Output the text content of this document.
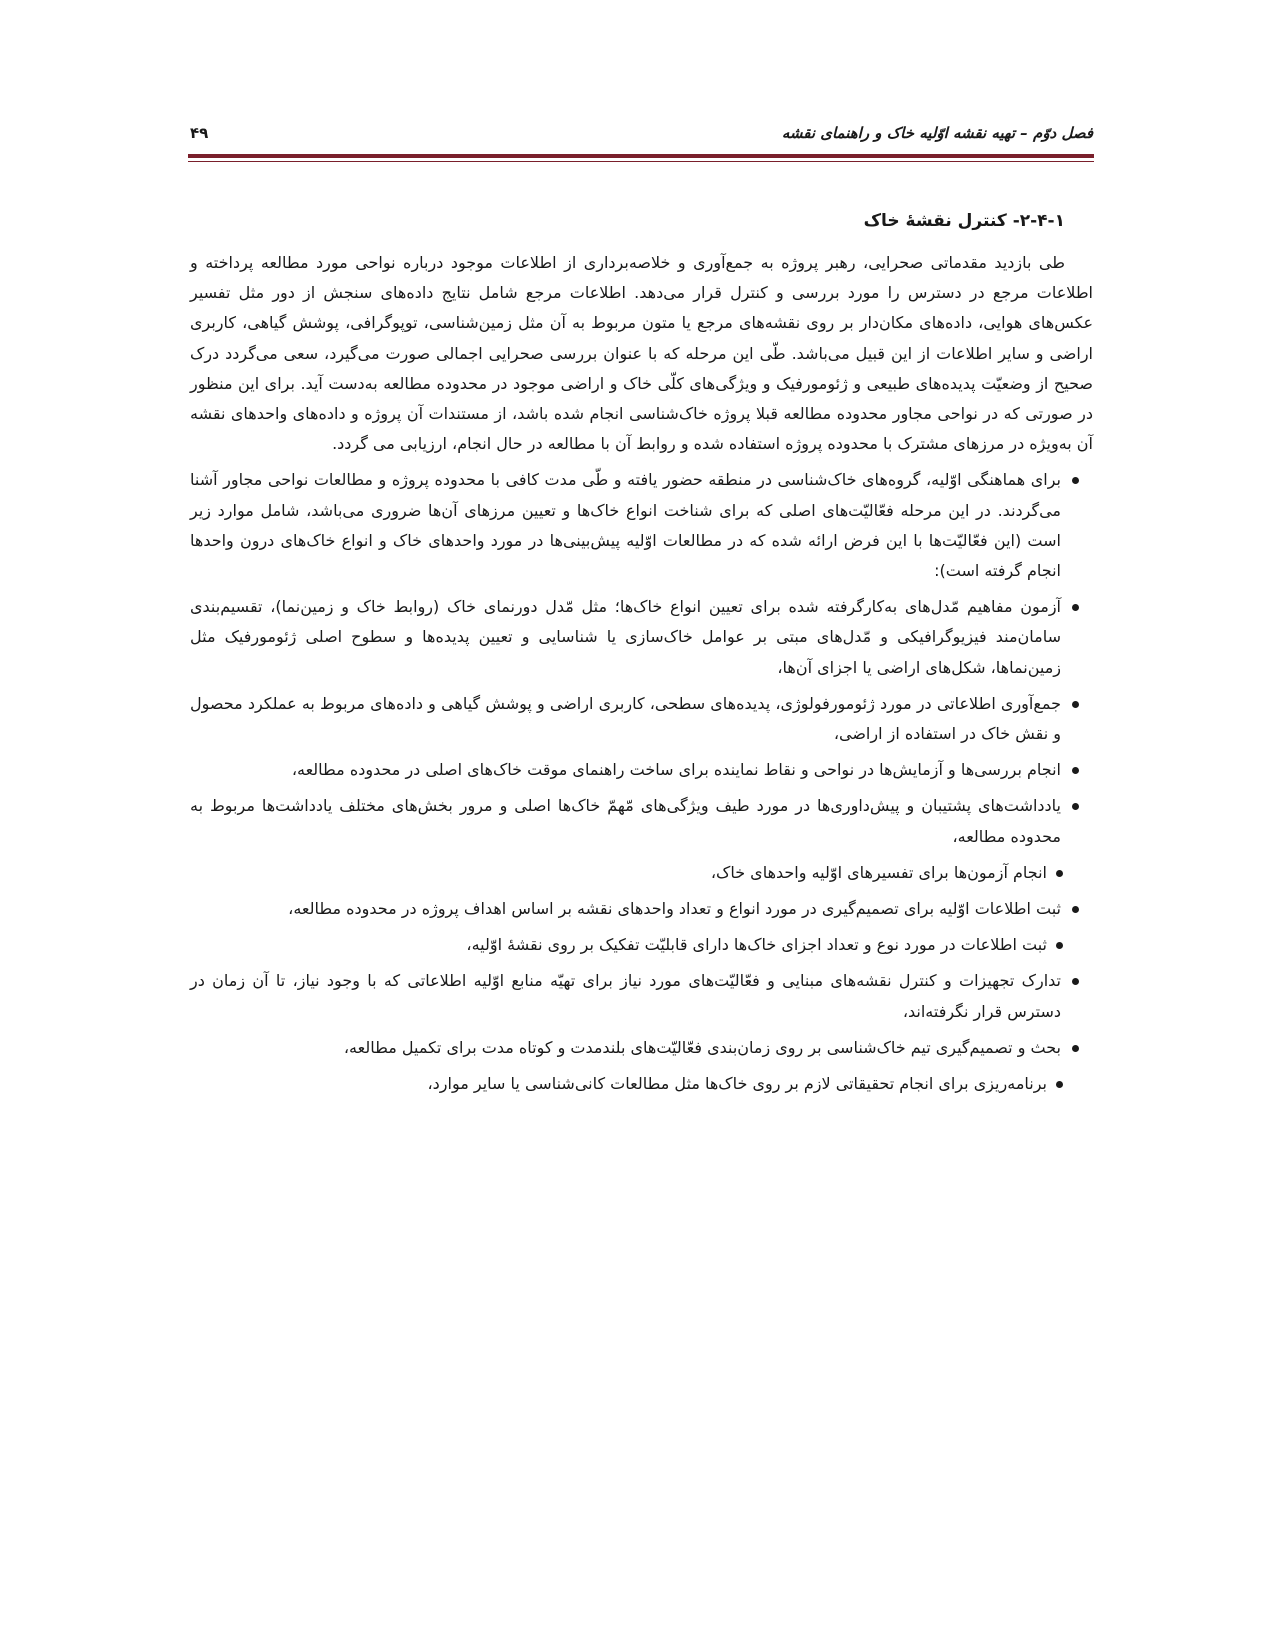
فصل دوّم – تهیه نقشه اوّلیه خاک و راهنمای نقشه
۴۹
۲-۴-۱- کنترل نقشۀ خاک

طی بازدید مقدماتی صحرایی، رهبر پروژه به جمع‌آوری و خلاصه‌برداری از اطلاعات موجود درباره نواحی مورد مطالعه پرداخته و اطلاعات مرجع در دسترس را مورد بررسی و کنترل قرار می‌دهد. اطلاعات مرجع شامل نتایج داده‌های سنجش از دور مثل تفسیر عکس‌های هوایی، داده‌های مکان‌دار بر روی نقشه‌های مرجع یا متون مربوط به آن مثل زمین‌شناسی، توپوگرافی، پوشش گیاهی، کاربری اراضی و سایر اطلاعات از این قبیل می‌باشد. طّی این مرحله که با عنوان بررسی صحرایی اجمالی صورت می‌گیرد، سعی می‌گردد درک صحیح از وضعیّت پدیده‌های طبیعی و ژئومورفیک و ویژگی‌های کلّی خاک و اراضی موجود در محدوده مطالعه به‌دست آید. برای این منظور در صورتی که در نواحی مجاور محدوده مطالعه قبلا پروژه خاک‌شناسی انجام شده باشد، از مستندات آن پروژه و داده‌های واحدهای نقشه آن به‌ویژه در مرزهای مشترک با محدوده پروژه استفاده شده و روابط آن با مطالعه در حال انجام، ارزیابی می گردد.

برای هماهنگی اوّلیه، گروه‌های خاک‌شناسی در منطقه حضور یافته و طّی مدت کافی با محدوده پروژه و مطالعات نواحی مجاور آشنا می‌گردند. در این مرحله فعّالیّت‌های اصلی که برای شناخت انواع خاک‌ها و تعیین مرزهای آن‌ها ضروری می‌باشد، شامل موارد زیر است (این فعّالیّت‌ها با این فرض ارائه شده که در مطالعات اوّلیه پیش‌بینی‌ها در مورد واحدهای خاک و انواع خاک‌های درون واحدها انجام گرفته است):
آزمون مفاهیم مّدل‌های به‌کارگرفته شده برای تعیین انواع خاک‌ها؛ مثل مّدل دورنمای خاک (روابط خاک و زمین‌نما)، تقسیم‌بندی سامان‌مند فیزیوگرافیکی و مّدل‌های مبتی بر عوامل خاک‌سازی یا شناسایی و تعیین پدیده‌ها و سطوح اصلی ژئومورفیک مثل زمین‌نماها، شکل‌های اراضی یا اجزای آن‌ها،
جمع‌آوری اطلاعاتی در مورد ژئومورفولوژی، پدیده‌های سطحی، کاربری اراضی و پوشش گیاهی و داده‌های مربوط به عملکرد محصول و نقش خاک در استفاده از اراضی،
انجام بررسی‌ها و آزمایش‌ها در نواحی و نقاط نماینده برای ساخت راهنمای موقت خاک‌های اصلی در محدوده مطالعه،
یادداشت‌های پشتیبان و پیش‌داوری‌ها در مورد طیف ویژگی‌های مّهمّ خاک‌ها اصلی و مرور بخش‌های مختلف یادداشت‌ها مربوط به محدوده مطالعه،
انجام آزمون‌ها برای تفسیرهای اوّلیه واحدهای خاک،
ثبت اطلاعات اوّلیه برای تصمیم‌گیری در مورد انواع و تعداد واحدهای نقشه بر اساس اهداف پروژه در محدوده مطالعه،
ثبت اطلاعات در مورد نوع و تعداد اجزای خاک‌ها دارای قابلیّت تفکیک بر روی نقشۀ اوّلیه،
تدارک تجهیزات و کنترل نقشه‌های مبنایی و فعّالیّت‌های مورد نیاز برای تهیّه منابع اوّلیه اطلاعاتی که با وجود نیاز، تا آن زمان در دسترس قرار نگرفته‌اند،
بحث و تصمیم‌گیری تیم خاک‌شناسی بر روی زمان‌بندی فعّالیّت‌های بلندمدت و کوتاه مدت برای تکمیل مطالعه،
برنامه‌ریزی برای انجام تحقیقاتی لازم بر روی خاک‌ها مثل مطالعات کانی‌شناسی یا سایر موارد،
